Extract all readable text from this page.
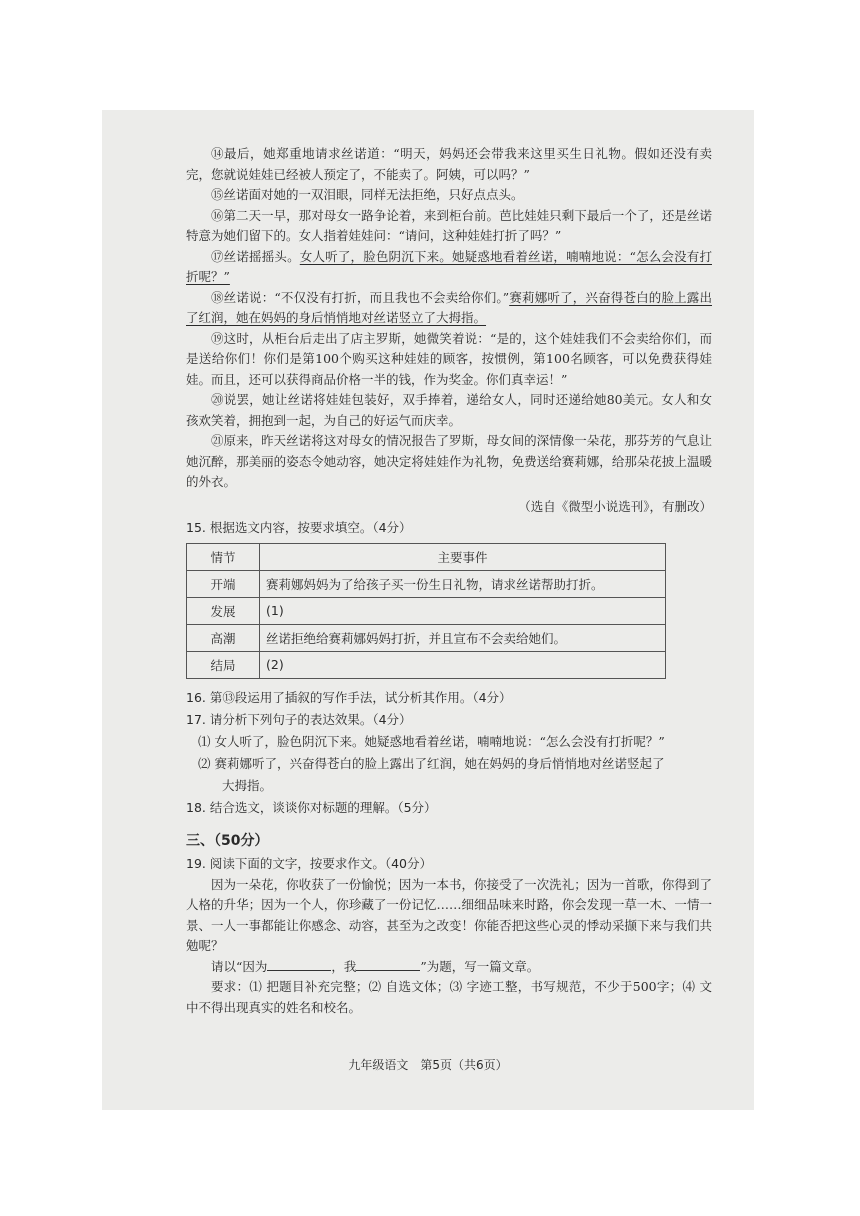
⑭最后，她郑重地请求丝诺道：“明天，妈妈还会带我来这里买生日礼物。假如还没有卖完，您就说娃娃已经被人预定了，不能卖了。阿姨，可以吗？”

⑮丝诺面对她的一双泪眼，同样无法拒绝，只好点点头。

⑯第二天一早，那对母女一路争论着，来到柜台前。芭比娃娃只剩下最后一个了，还是丝诺特意为她们留下的。女人指着娃娃问：“请问，这种娃娃打折了吗？”

⑰丝诺摇摇头。女人听了，脸色阴沉下来。她疑惑地看着丝诺，喃喃地说：“怎么会没有打折呢？”

⑱丝诺说：“不仅没有打折，而且我也不会卖给你们。”赛莉娜听了，兴奋得苍白的脸上露出了红润，她在妈妈的身后悄悄地对丝诺竖立了大拇指。

⑲这时，从柜台后走出了店主罗斯，她微笑着说：“是的，这个娃娃我们不会卖给你们，而是送给你们！你们是第100个购买这种娃娃的顾客，按惯例，第100名顾客，可以免费获得娃娃。而且，还可以获得商品价格一半的钱，作为奖金。你们真幸运！”

⑳说罢，她让丝诺将娃娃包装好，双手捧着，递给女人，同时还递给她80美元。女人和女孩欢笑着，拥抱到一起，为自己的好运气而庆幸。

㉑原来，昨天丝诺将这对母女的情况报告了罗斯，母女间的深情像一朵花，那芬芳的气息让她沉醉，那美丽的姿态令她动容，她决定将娃娃作为礼物，免费送给赛莉娜，给那朵花披上温暖的外衣。

（选自《微型小说选刊》，有删改）

15. 根据选文内容，按要求填空。（4分）

情节	主要事件
开端	赛莉娜妈妈为了给孩子买一份生日礼物，请求丝诺帮助打折。
发展	(1)
高潮	丝诺拒绝给赛莉娜妈妈打折，并且宣布不会卖给她们。
结局	(2)

16. 第⑬段运用了插叙的写作手法，试分析其作用。（4分）

17. 请分析下列句子的表达效果。（4分）

⑴ 女人听了，脸色阴沉下来。她疑惑地看着丝诺，喃喃地说：“怎么会没有打折呢？”

⑵ 赛莉娜听了，兴奋得苍白的脸上露出了红润，她在妈妈的身后悄悄地对丝诺竖起了
大拇指。

18. 结合选文，谈谈你对标题的理解。（5分）

三、（50分）

19. 阅读下面的文字，按要求作文。（40分）

因为一朵花，你收获了一份愉悦；因为一本书，你接受了一次洗礼；因为一首歌，你得到了人格的升华；因为一个人，你珍藏了一份记忆……细细品味来时路，你会发现一草一木、一情一景、一人一事都能让你感念、动容，甚至为之改变！你能否把这些心灵的悸动采撷下来与我们共勉呢？

请以“因为	，我	”为题，写一篇文章。

要求：⑴ 把题目补充完整；⑵ 自选文体；⑶ 字迹工整，书写规范，不少于500字；⑷ 文中不得出现真实的姓名和校名。

九年级语文　第5页（共6页）
